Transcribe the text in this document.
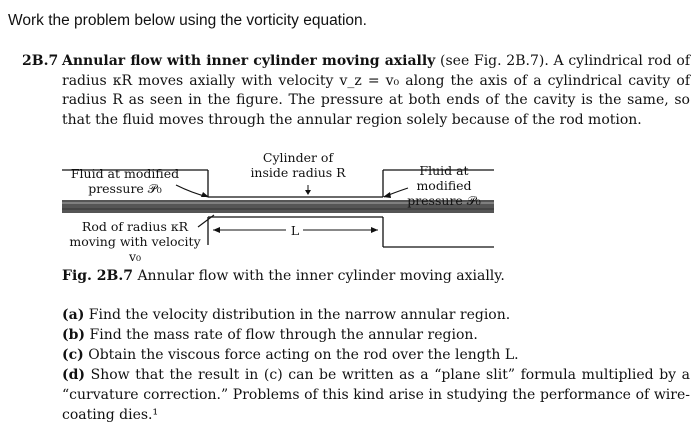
Work the problem below using the vorticity equation.
2B.7 Annular flow with inner cylinder moving axially (see Fig. 2B.7). A cylindrical rod of radius κR moves axially with velocity v_z = v₀ along the axis of a cylindrical cavity of radius R as seen in the figure. The pressure at both ends of the cavity is the same, so that the fluid moves through the annular region solely because of the rod motion.
Fluid at modified pressure 𝒫₀
Cylinder of inside radius R	Fluid at modified pressure 𝒫₀
Rod of radius κR moving with velocity v₀
L
Fig. 2B.7 Annular flow with the inner cylinder moving axially.

(a) Find the velocity distribution in the narrow annular region.

(b) Find the mass rate of flow through the annular region.

(c) Obtain the viscous force acting on the rod over the length L.

(d) Show that the result in (c) can be written as a “plane slit” formula multiplied by a “curvature correction.” Problems of this kind arise in studying the performance of wire-coating dies.¹
